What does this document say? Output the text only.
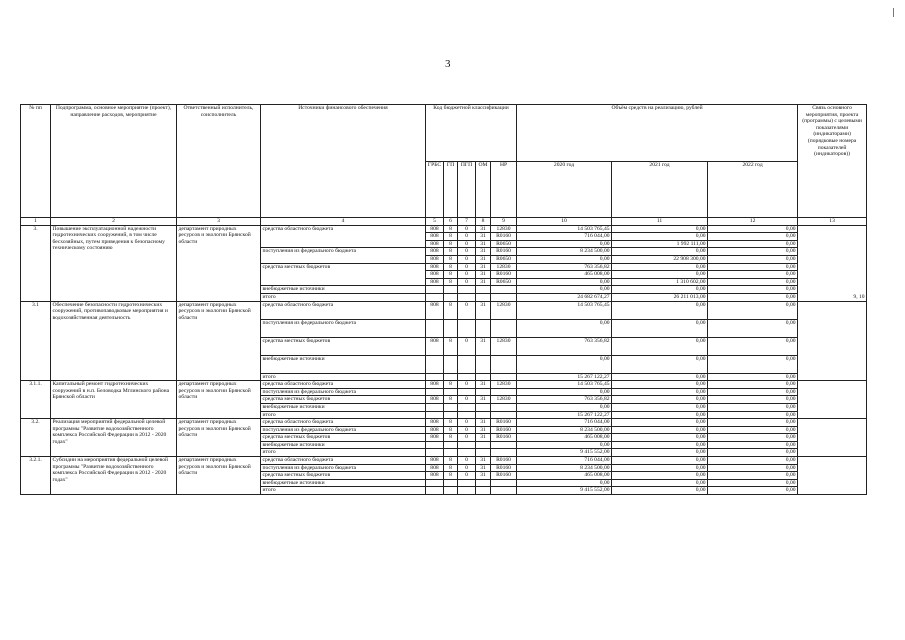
3
№ пп	Подпрограмма, основное мероприятие (проект), направление расходов, мероприятие	Ответственный исполнитель, соисполнитель	Источники финансового обеспечения	Код бюджетной классификации					Объём средств на реализацию, рублей			Связь основного мероприятия, проекта (программы) с целевыми показателями (индикаторами) (порядковые номера показателей (индикаторов))
				ГРБС	ГП	ПГП	ОМ	НР	2020 год	2021 год	2022 год	
1	2	3	4	5	6	7	8	9	10	11	12	13
3.	Повышение эксплуатационной надежности гидротехнических сооружений, в том числе бесхозяйных, путем приведения к безопасному техническому состоянию	департамент природных ресурсов и экологии Брянской области	средства областного бюджета	808	8	0	31	12830	14 503 765,45	0,00	0,00	9, 10
				808	8	0	31	R0160	716 044,00	0,00	0,00	
				808	8	0	31	R0650	0,00	1 992 111,00	0,00	
			поступления из федерального бюджета	808	8	0	31	R0160	8 234 500,00	0,00	0,00	
				808	8	0	31	R0650	0,00	22 908 300,00	0,00	
			средства местных бюджетов	808	8	0	31	12830	763 356,82	0,00	0,00	
				808	8	0	31	R0160	465 008,00	0,00	0,00	
				808	8	0	31	R0650	0,00	1 310 602,00	0,00	
			внебюджетные источники						0,00	0,00	0,00	
			итого						24 682 674,27	26 211 013,00	0,00	
3.1	Обеспечение безопасности гидротехнических сооружений, противопаводковые мероприятия и водохозяйственная деятельность	департамент природных ресурсов и экологии Брянской области	средства областного бюджета	808	8	0	31	12830	14 503 765,45	0,00	0,00	
			поступления из федерального бюджета						0,00	0,00	0,00	
			средства местных бюджетов	808	8	0	31	12830	763 356,82	0,00	0,00	
			внебюджетные источники						0,00	0,00	0,00	
			итого						15 267 122,27	0,00	0,00	
3.1.1.	Капитальный ремонт гидротехнических сооружений в н.п. Беловодка Мглинского района Брянской области	департамент природных ресурсов и экологии Брянской области	средства областного бюджета	808	8	0	31	12830	14 503 765,45	0,00	0,00	
			поступления из федерального бюджета						0,00	0,00	0,00	
			средства местных бюджетов	808	8	0	31	12830	763 356,82	0,00	0,00	
			внебюджетные источники						0,00	0,00	0,00	
			итого						15 267 122,27	0,00	0,00	
3.2.	Реализация мероприятий федеральной целевой программы "Развитие водохозяйственного комплекса Российской Федерации в 2012 - 2020 годах"	департамент природных ресурсов и экологии Брянской области	средства областного бюджета	808	8	0	31	R0160	716 044,00	0,00	0,00	
			поступления из федерального бюджета	808	8	0	31	R0160	8 234 500,00	0,00	0,00	
			средства местных бюджетов	808	8	0	31	R0160	465 008,00	0,00	0,00	
			внебюджетные источники						0,00	0,00	0,00	
			итого						9 415 552,00	0,00	0,00	
3.2.1.	Субсидии на мероприятия федеральной целевой программы "Развитие водохозяйственного комплекса Российской Федерации в 2012 - 2020 годах"	департамент природных ресурсов и экологии Брянской области	средства областного бюджета	808	8	0	31	R0160	716 044,00	0,00	0,00	
			поступления из федерального бюджета	808	8	0	31	R0160	8 234 500,00	0,00	0,00	
			средства местных бюджетов	808	8	0	31	R0160	465 008,00	0,00	0,00	
			внебюджетные источники						0,00	0,00	0,00	
			итого						9 415 552,00	0,00	0,00	
